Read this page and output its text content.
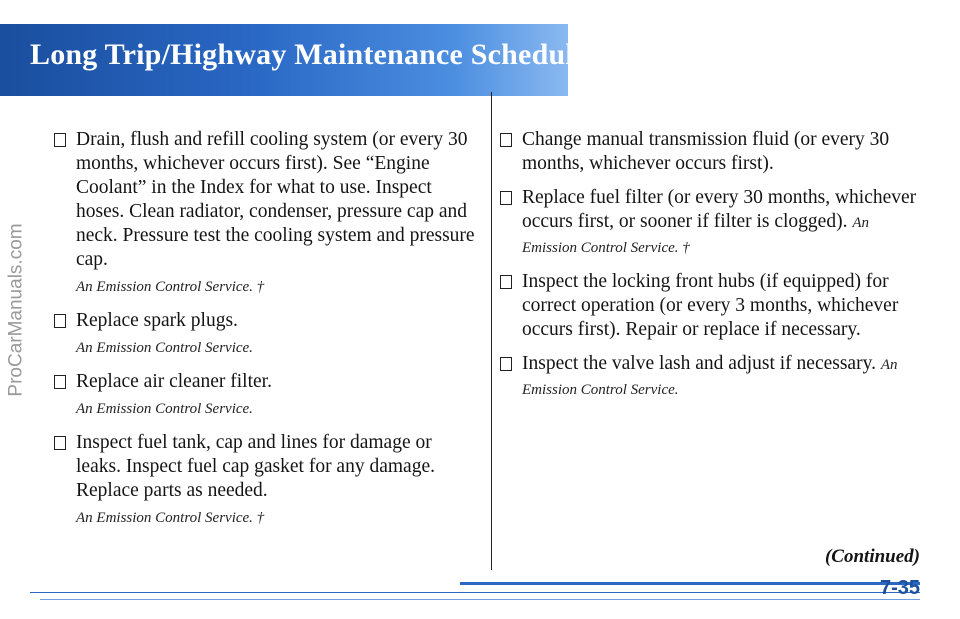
Long Trip/Highway Maintenance Schedule
ProCarManuals.com
Drain, flush and refill cooling system (or every 30 months, whichever occurs first). See “Engine Coolant” in the Index for what to use. Inspect hoses. Clean radiator, condenser, pressure cap and neck. Pressure test the cooling system and pressure cap.
An Emission Control Service. †
Replace spark plugs.
An Emission Control Service.
Replace air cleaner filter.
An Emission Control Service.
Inspect fuel tank, cap and lines for damage or leaks. Inspect fuel cap gasket for any damage. Replace parts as needed.
An Emission Control Service. †
Change manual transmission fluid (or every 30 months, whichever occurs first).
Replace fuel filter (or every 30 months, whichever occurs first, or sooner if filter is clogged). An Emission Control Service. †
Inspect the locking front hubs (if equipped) for correct operation (or every 3 months, whichever occurs first). Repair or replace if necessary.
Inspect the valve lash and adjust if necessary. An Emission Control Service.
(Continued)
7-35
